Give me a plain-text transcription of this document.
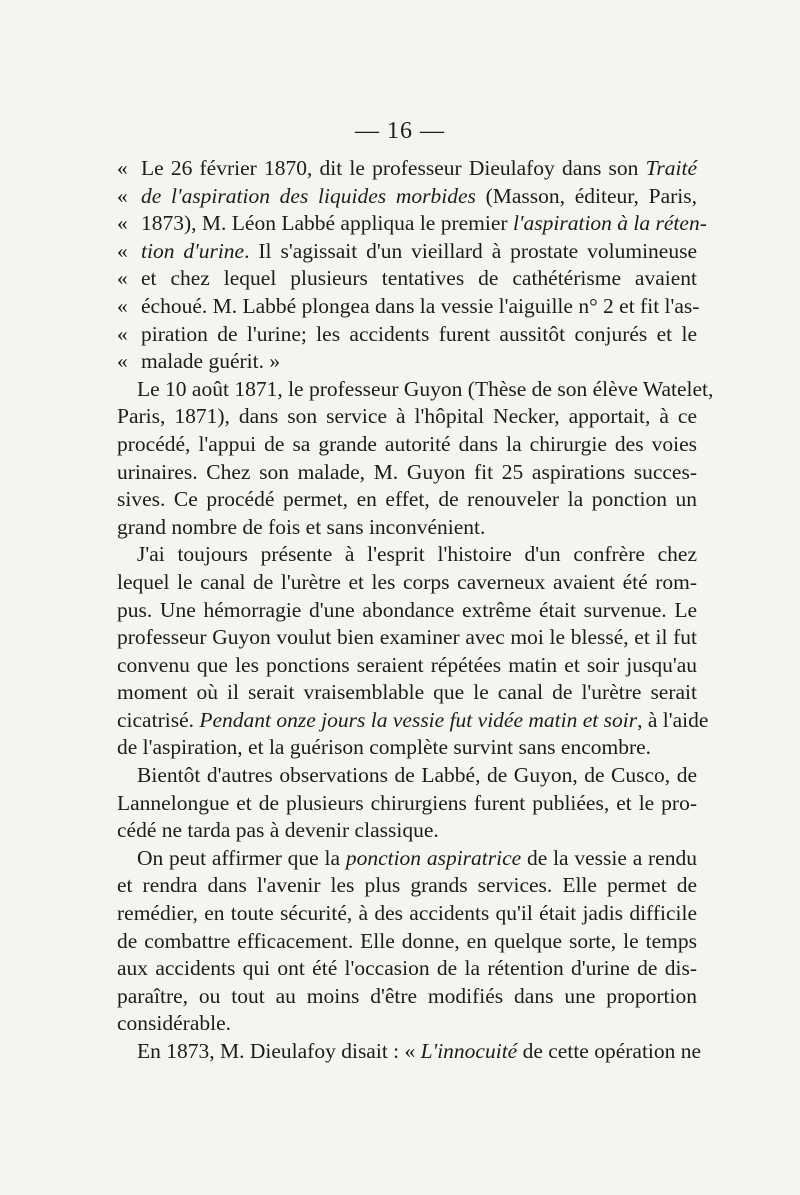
— 16 —
«Le 26 février 1870, dit le professeur Dieulafoy dans son Traité
«de l'aspiration des liquides morbides (Masson, éditeur, Paris,
«1873), M. Léon Labbé appliqua le premier l'aspiration à la réten-
«tion d'urine. Il s'agissait d'un vieillard à prostate volumineuse
«et chez lequel plusieurs tentatives de cathétérisme avaient
«échoué. M. Labbé plongea dans la vessie l'aiguille n° 2 et fit l'as-
«piration de l'urine; les accidents furent aussitôt conjurés et le
«malade guérit. »
Le 10 août 1871, le professeur Guyon (Thèse de son élève Watelet,
Paris, 1871), dans son service à l'hôpital Necker, apportait, à ce
procédé, l'appui de sa grande autorité dans la chirurgie des voies
urinaires. Chez son malade, M. Guyon fit 25 aspirations succes-
sives. Ce procédé permet, en effet, de renouveler la ponction un
grand nombre de fois et sans inconvénient.
J'ai toujours présente à l'esprit l'histoire d'un confrère chez
lequel le canal de l'urètre et les corps caverneux avaient été rom-
pus. Une hémorragie d'une abondance extrême était survenue. Le
professeur Guyon voulut bien examiner avec moi le blessé, et il fut
convenu que les ponctions seraient répétées matin et soir jusqu'au
moment où il serait vraisemblable que le canal de l'urètre serait
cicatrisé. Pendant onze jours la vessie fut vidée matin et soir, à l'aide
de l'aspiration, et la guérison complète survint sans encombre.
Bientôt d'autres observations de Labbé, de Guyon, de Cusco, de
Lannelongue et de plusieurs chirurgiens furent publiées, et le pro-
cédé ne tarda pas à devenir classique.
On peut affirmer que la ponction aspiratrice de la vessie a rendu
et rendra dans l'avenir les plus grands services. Elle permet de
remédier, en toute sécurité, à des accidents qu'il était jadis difficile
de combattre efficacement. Elle donne, en quelque sorte, le temps
aux accidents qui ont été l'occasion de la rétention d'urine de dis-
paraître, ou tout au moins d'être modifiés dans une proportion
considérable.
En 1873, M. Dieulafoy disait : « L'innocuité de cette opération ne
